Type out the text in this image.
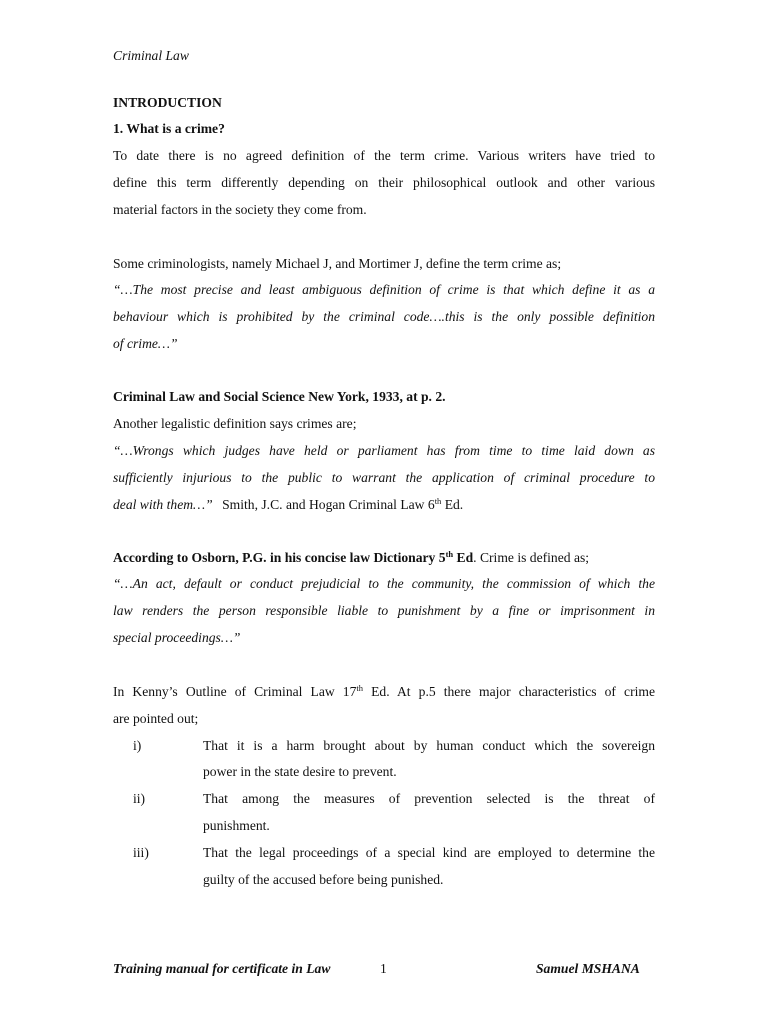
Criminal Law
INTRODUCTION
1. What is a crime?
To date there is no agreed definition of the term crime. Various writers have tried to
define this term differently depending on their philosophical outlook and other various
material factors in the society they come from.
Some criminologists, namely Michael J, and Mortimer J, define the term crime as;
“…The most precise and least ambiguous definition of crime is that which define it as a
behaviour which is prohibited by the criminal code….this is the only possible definition
of crime…”
Criminal Law and Social Science New York, 1933, at p. 2.
Another legalistic definition says crimes are;
“…Wrongs which judges have held or parliament has from time to time laid down as
sufficiently injurious to the public to warrant the application of criminal procedure to
deal with them…” Smith, J.C. and Hogan Criminal Law 6th Ed.
According to Osborn, P.G. in his concise law Dictionary 5th Ed. Crime is defined as;
“…An act, default or conduct prejudicial to the community, the commission of which the
law renders the person responsible liable to punishment by a fine or imprisonment in
special proceedings…”
In Kenny’s Outline of Criminal Law 17th Ed. At p.5 there major characteristics of crime
are pointed out;
i)	That it is a harm brought about by human conduct which the sovereign
power in the state desire to prevent.
ii)	That among the measures of prevention selected is the threat of
punishment.
iii)	That the legal proceedings of a special kind are employed to determine the
guilty of the accused before being punished.
Training manual for certificate in Law	1	Samuel MSHANA
